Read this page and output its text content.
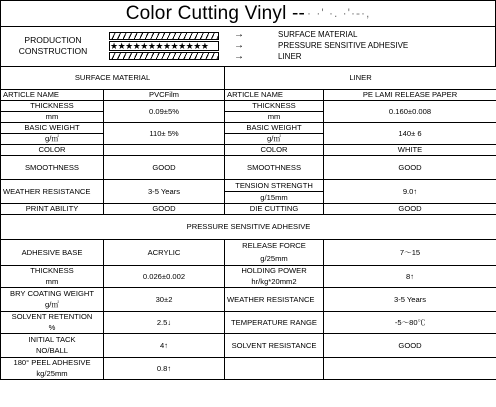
Color Cutting Vinyl -- · ·' ·. ·'·-·,
PRODUCTION
CONSTRUCTION	★★★★★★★★★★★★★
→	SURFACE MATERIAL
→	PRESSURE SENSITIVE ADHESIVE
→	LINER
SURFACE MATERIAL		LINER	
ARTICLE NAME	PVCFilm	ARTICLE NAME	PE LAMI RELEASE PAPER
THICKNESS	0.09±5%	THICKNESS	0.160±0.008
mm		mm	
BASIC WEIGHT	110± 5%	BASIC WEIGHT	140± 6
g/㎡		g/㎡	
COLOR		COLOR	WHITE
SMOOTHNESS	GOOD	SMOOTHNESS	GOOD
WEATHER RESISTANCE	3-5 Years	TENSION STRENGTH	9.0↑
		g/15mm	
PRINT ABILITY	GOOD	DIE CUTTING	GOOD
PRESSURE SENSITIVE ADHESIVE			
ADHESIVE BASE	ACRYLIC	RELEASE FORCE	7～15
		g/25mm	
THICKNESS	0.026±0.002	HOLDING POWER	8↑
mm		hr/kg*20mm2	
BRY COATING WEIGHT	30±2	WEATHER RESISTANCE	3-5 Years
g/㎡			
SOLVENT RETENTION	2.5↓	TEMPERATURE RANGE	-5～80℃
%			
INITIAL TACK	4↑	SOLVENT RESISTANCE	GOOD
NO/BALL			
180° PEEL ADHESIVE	0.8↑		
kg/25mm			
